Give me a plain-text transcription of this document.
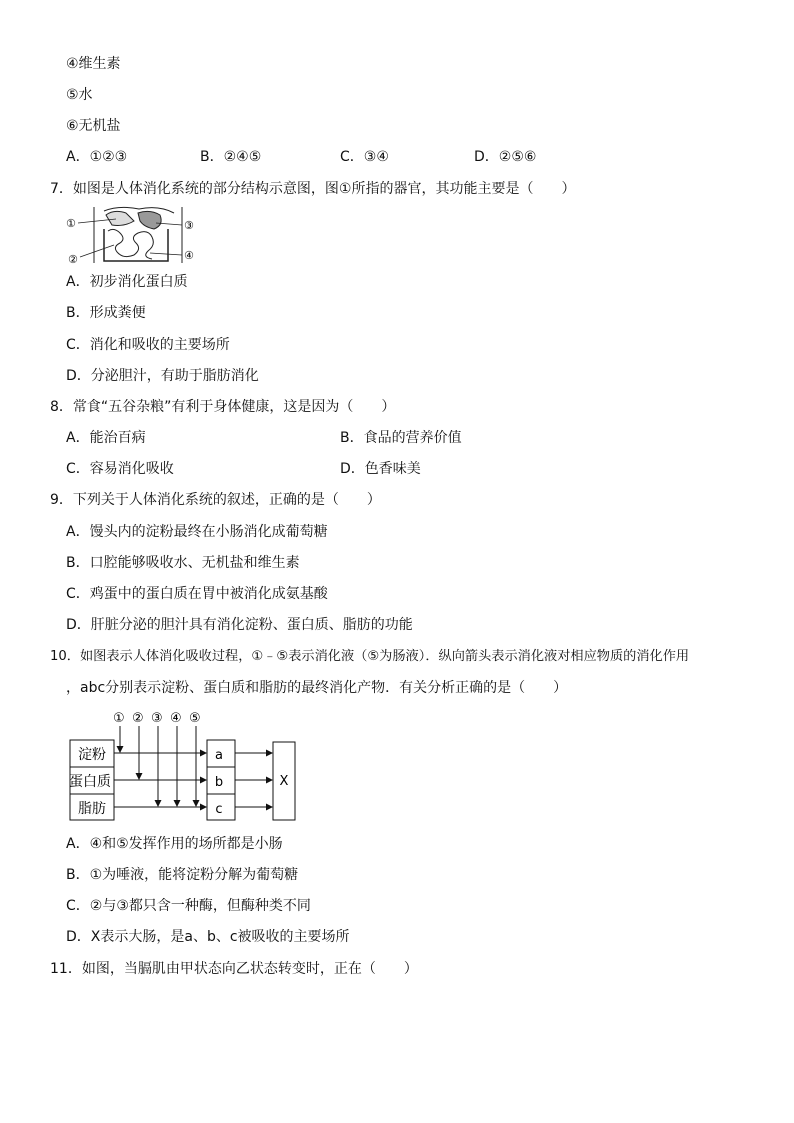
④维生素
⑤水
⑥无机盐
A．①②③	B．②④⑤	C．③④	D．②⑤⑥
7．如图是人体消化系统的部分结构示意图，图①所指的器官，其功能主要是（　　）
①
②
③
④
A．初步消化蛋白质
B．形成粪便
C．消化和吸收的主要场所
D．分泌胆汁，有助于脂肪消化
8．常食“五谷杂粮”有利于身体健康，这是因为（　　）
A．能治百病	B．食品的营养价值
C．容易消化吸收	D．色香味美
9．下列关于人体消化系统的叙述，正确的是（　　）
A．馒头内的淀粉最终在小肠消化成葡萄糖
B．口腔能够吸收水、无机盐和维生素
C．鸡蛋中的蛋白质在胃中被消化成氨基酸
D．肝脏分泌的胆汁具有消化淀粉、蛋白质、脂肪的功能
10．如图表示人体消化吸收过程，①﹣⑤表示消化液（⑤为肠液）．纵向箭头表示消化液对相应物质的消化作用
，abc分别表示淀粉、蛋白质和脂肪的最终消化产物．有关分析正确的是（　　）
① ② ③ ④ ⑤
淀粉
蛋白质
脂肪
a
b
c
X
A．④和⑤发挥作用的场所都是小肠
B．①为唾液，能将淀粉分解为葡萄糖
C．②与③都只含一种酶，但酶种类不同
D．X表示大肠，是a、b、c被吸收的主要场所
11．如图，当膈肌由甲状态向乙状态转变时，正在（　　）
